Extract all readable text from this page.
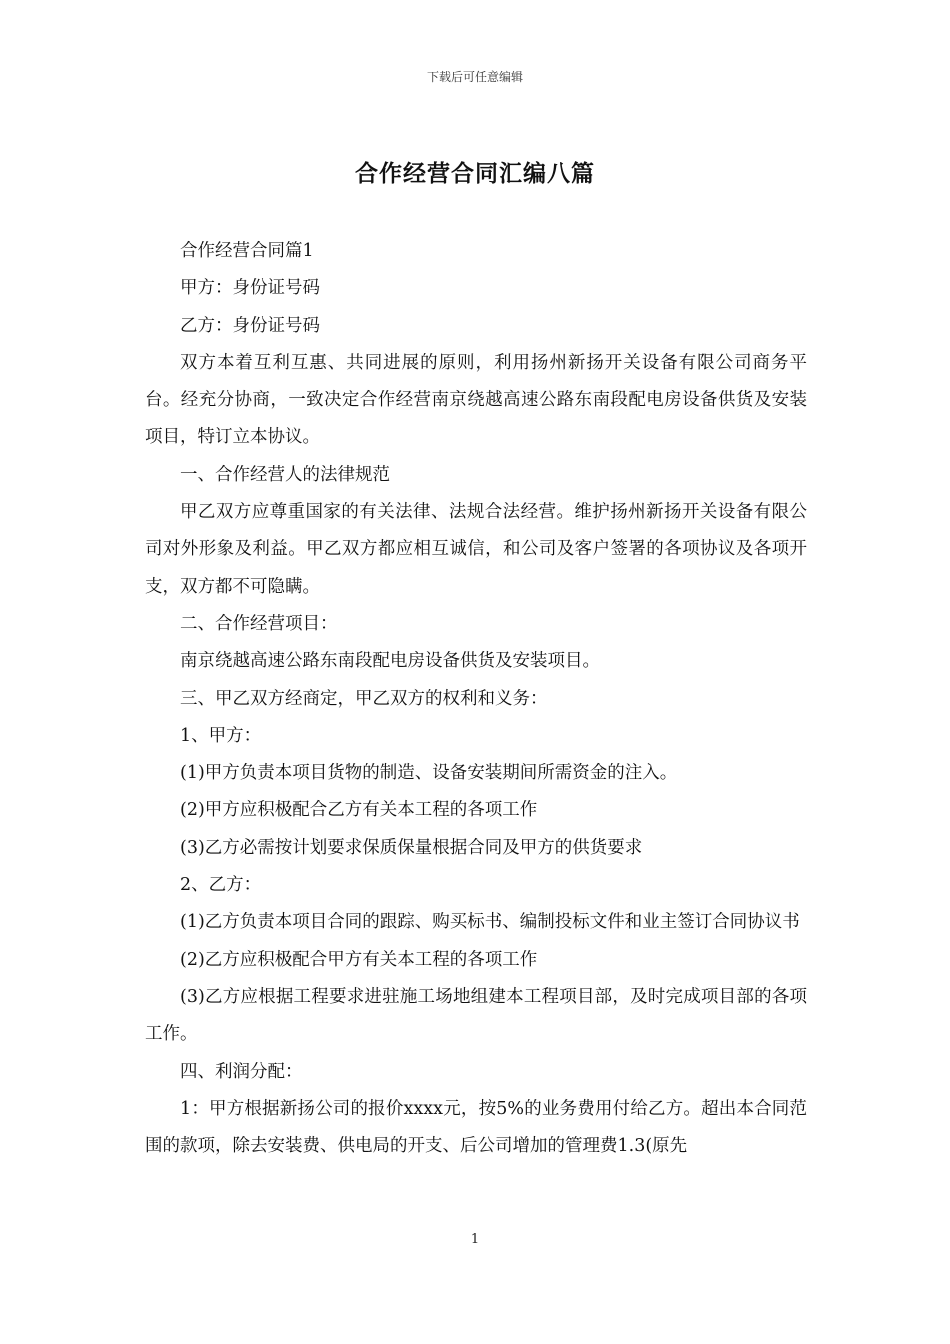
下载后可任意编辑
合作经营合同汇编八篇

合作经营合同篇1

甲方：身份证号码

乙方：身份证号码

双方本着互利互惠、共同进展的原则，利用扬州新扬开关设备有限公司商务平台。经充分协商，一致决定合作经营南京绕越高速公路东南段配电房设备供货及安装项目，特订立本协议。

一、合作经营人的法律规范

甲乙双方应尊重国家的有关法律、法规合法经营。维护扬州新扬开关设备有限公司对外形象及利益。甲乙双方都应相互诚信，和公司及客户签署的各项协议及各项开支，双方都不可隐瞒。

二、合作经营项目：

南京绕越高速公路东南段配电房设备供货及安装项目。

三、甲乙双方经商定，甲乙双方的权利和义务：

1、甲方：

(1)甲方负责本项目货物的制造、设备安装期间所需资金的注入。

(2)甲方应积极配合乙方有关本工程的各项工作

(3)乙方必需按计划要求保质保量根据合同及甲方的供货要求

2、乙方：

(1)乙方负责本项目合同的跟踪、购买标书、编制投标文件和业主签订合同协议书

(2)乙方应积极配合甲方有关本工程的各项工作

(3)乙方应根据工程要求进驻施工场地组建本工程项目部，及时完成项目部的各项工作。

四、利润分配：

1：甲方根据新扬公司的报价xxxx元，按5%的业务费用付给乙方。超出本合同范围的款项，除去安装费、供电局的开支、后公司增加的管理费1.3(原先

1
